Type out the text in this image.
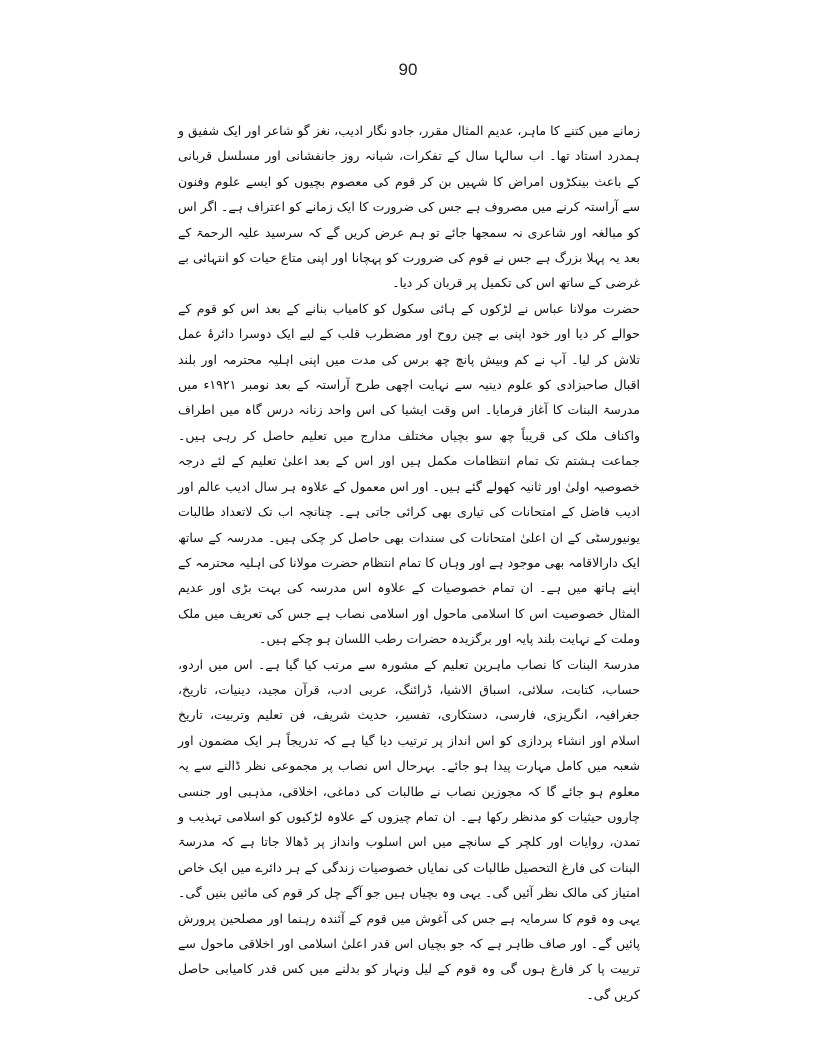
90

زمانے میں کتنے کا ماہر، عدیم المثال مقرر، جادو نگار ادیب، نغز گو شاعر اور ایک شفیق و ہمدرد استاد تھا۔ اب سالہا سال کے تفکرات، شبانہ روز جانفشانی اور مسلسل قربانی کے باعث بینکڑوں امراض کا شہیں بن کر قوم کی معصوم بچیوں کو ایسے علوم وفنون سے آراستہ کرنے میں مصروف ہے جس کی ضرورت کا ایک زمانے کو اعتراف ہے۔ اگر اس کو مبالغہ اور شاعری نہ سمجھا جائے تو ہم عرض کریں گے کہ سرسید علیہ الرحمۃ کے بعد یہ پہلا بزرگ ہے جس نے قوم کی ضرورت کو پہچانا اور اپنی متاع حیات کو انتہائی بے غرضی کے ساتھ اس کی تکمیل پر قربان کر دیا۔

حضرت مولانا عباس نے لڑکوں کے ہائی سکول کو کامیاب بنانے کے بعد اس کو قوم کے حوالے کر دیا اور خود اپنی بے چین روح اور مضطرب قلب کے لیے ایک دوسرا دائرۂ عمل تلاش کر لیا۔ آپ نے کم وبیش پانچ چھ برس کی مدت میں اپنی اہلیہ محترمہ اور بلند اقبال صاحبزادی کو علوم دینیہ سے نہایت اچھی طرح آراستہ کے بعد نومبر ۱۹۲۱ء میں مدرسۃ البنات کا آغاز فرمایا۔ اس وقت ایشیا کی اس واحد زنانہ درس گاہ میں اطراف واکناف ملک کی قریباً چھ سو بچیاں مختلف مدارج میں تعلیم حاصل کر رہی ہیں۔ جماعت ہشتم تک تمام انتظامات مکمل ہیں اور اس کے بعد اعلیٰ تعلیم کے لئے درجہ خصوصیہ اولیٰ اور ثانیہ کھولے گئے ہیں۔ اور اس معمول کے علاوہ ہر سال ادیب عالم اور ادیب فاضل کے امتحانات کی تیاری بھی کرائی جاتی ہے۔ چنانچہ اب تک لاتعداد طالبات یونیورسٹی کے ان اعلیٰ امتحانات کی سندات بھی حاصل کر چکی ہیں۔ مدرسہ کے ساتھ ایک دارالاقامہ بھی موجود ہے اور وہاں کا تمام انتظام حضرت مولانا کی اہلیہ محترمہ کے اپنے ہاتھ میں ہے۔ ان تمام خصوصیات کے علاوہ اس مدرسہ کی بہت بڑی اور عدیم المثال خصوصیت اس کا اسلامی ماحول اور اسلامی نصاب ہے جس کی تعریف میں ملک وملت کے نہایت بلند پایہ اور برگزیدہ حضرات رطب اللسان ہو چکے ہیں۔

مدرسۃ البنات کا نصاب ماہرین تعلیم کے مشورہ سے مرتب کیا گیا ہے۔ اس میں اردو، حساب، کتابت، سلائی، اسباق الاشیا، ڈرائنگ، عربی ادب، قرآن مجید، دینیات، تاریخ، جغرافیہ، انگریزی، فارسی، دستکاری، تفسیر، حدیث شریف، فن تعلیم وتربیت، تاریخ اسلام اور انشاء پردازی کو اس انداز پر ترتیب دیا گیا ہے کہ تدریجاً ہر ایک مضمون اور شعبہ میں کامل مہارت پیدا ہو جائے۔ بہرحال اس نصاب پر مجموعی نظر ڈالنے سے یہ معلوم ہو جائے گا کہ مجوزین نصاب نے طالبات کی دماغی، اخلاقی، مذہبی اور جنسی چاروں حیثیات کو مدنظر رکھا ہے۔ ان تمام چیزوں کے علاوہ لڑکیوں کو اسلامی تہذیب و تمدن، روایات اور کلچر کے سانچے میں اس اسلوب وانداز پر ڈھالا جاتا ہے کہ مدرسۃ البنات کی فارغ التحصیل طالبات کی نمایاں خصوصیات زندگی کے ہر دائرے میں ایک خاص امتیاز کی مالک نظر آئیں گی۔ یہی وہ بچیاں ہیں جو آگے چل کر قوم کی مائیں بنیں گی۔ یہی وہ قوم کا سرمایہ ہے جس کی آغوش میں قوم کے آئندہ رہنما اور مصلحین پرورش پائیں گے۔ اور صاف ظاہر ہے کہ جو بچیاں اس قدر اعلیٰ اسلامی اور اخلاقی ماحول سے تربیت پا کر فارغ ہوں گی وہ قوم کے لیل ونہار کو بدلنے میں کس قدر کامیابی حاصل کریں گی۔
